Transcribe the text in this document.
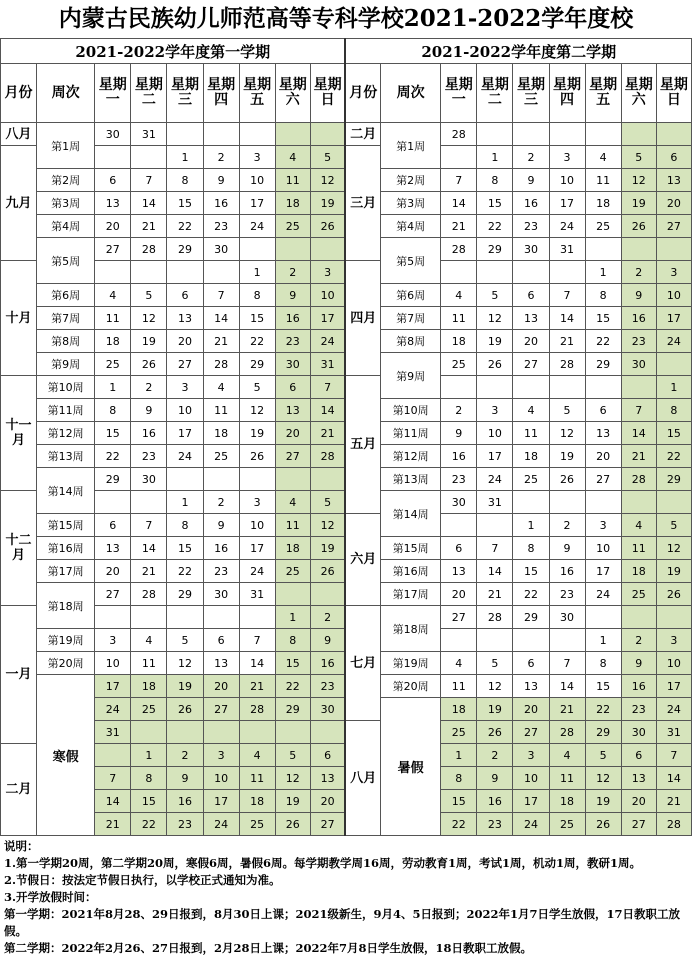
内蒙古民族幼儿师范高等专科学校2021-2022学年度校
2021-2022学年度第一学期									2021-2022学年度第二学期								
月份	周次	星期一	星期二	星期三	星期四	星期五	星期六	星期日	月份	周次	星期一	星期二	星期三	星期四	星期五	星期六	星期日
八月	第1周	30	31						二月	第1周	28						
九月				1	2	3	4	5	三月			1	2	3	4	5	6
	第2周	6	7	8	9	10	11	12		第2周	7	8	9	10	11	12	13
	第3周	13	14	15	16	17	18	19		第3周	14	15	16	17	18	19	20
	第4周	20	21	22	23	24	25	26		第4周	21	22	23	24	25	26	27
	第5周	27	28	29	30					第5周	28	29	30	31			
十月						1	2	3	四月						1	2	3
	第6周	4	5	6	7	8	9	10		第6周	4	5	6	7	8	9	10
	第7周	11	12	13	14	15	16	17		第7周	11	12	13	14	15	16	17
	第8周	18	19	20	21	22	23	24		第8周	18	19	20	21	22	23	24
	第9周	25	26	27	28	29	30	31		第9周	25	26	27	28	29	30	
十一月	第10周	1	2	3	4	5	6	7	五月								1
	第11周	8	9	10	11	12	13	14		第10周	2	3	4	5	6	7	8
	第12周	15	16	17	18	19	20	21		第11周	9	10	11	12	13	14	15
	第13周	22	23	24	25	26	27	28		第12周	16	17	18	19	20	21	22
	第14周	29	30							第13周	23	24	25	26	27	28	29
十二月				1	2	3	4	5		第14周	30	31					
	第15周	6	7	8	9	10	11	12	六月				1	2	3	4	5
	第16周	13	14	15	16	17	18	19		第15周	6	7	8	9	10	11	12
	第17周	20	21	22	23	24	25	26		第16周	13	14	15	16	17	18	19
	第18周	27	28	29	30	31				第17周	20	21	22	23	24	25	26
一月							1	2	七月	第18周	27	28	29	30			
	第19周	3	4	5	6	7	8	9							1	2	3
	第20周	10	11	12	13	14	15	16		第19周	4	5	6	7	8	9	10
	寒假	17	18	19	20	21	22	23		第20周	11	12	13	14	15	16	17
		24	25	26	27	28	29	30		暑假	18	19	20	21	22	23	24
		31							八月		25	26	27	28	29	30	31
二月			1	2	3	4	5	6			1	2	3	4	5	6	7
		7	8	9	10	11	12	13			8	9	10	11	12	13	14
		14	15	16	17	18	19	20			15	16	17	18	19	20	21
		21	22	23	24	25	26	27			22	23	24	25	26	27	28
说明：
1.第一学期20周，第二学期20周，寒假6周，暑假6周。每学期教学周16周，劳动教育1周，考试1周，机动1周，教研1周。
2.节假日：按法定节假日执行，以学校正式通知为准。
3.开学放假时间：
第一学期：2021年8月28、29日报到，8月30日上课；2021级新生，9月4、5日报到；2022年1月7日学生放假，17日教职工放假。
第二学期：2022年2月26、27日报到，2月28日上课；2022年7月8日学生放假，18日教职工放假。
